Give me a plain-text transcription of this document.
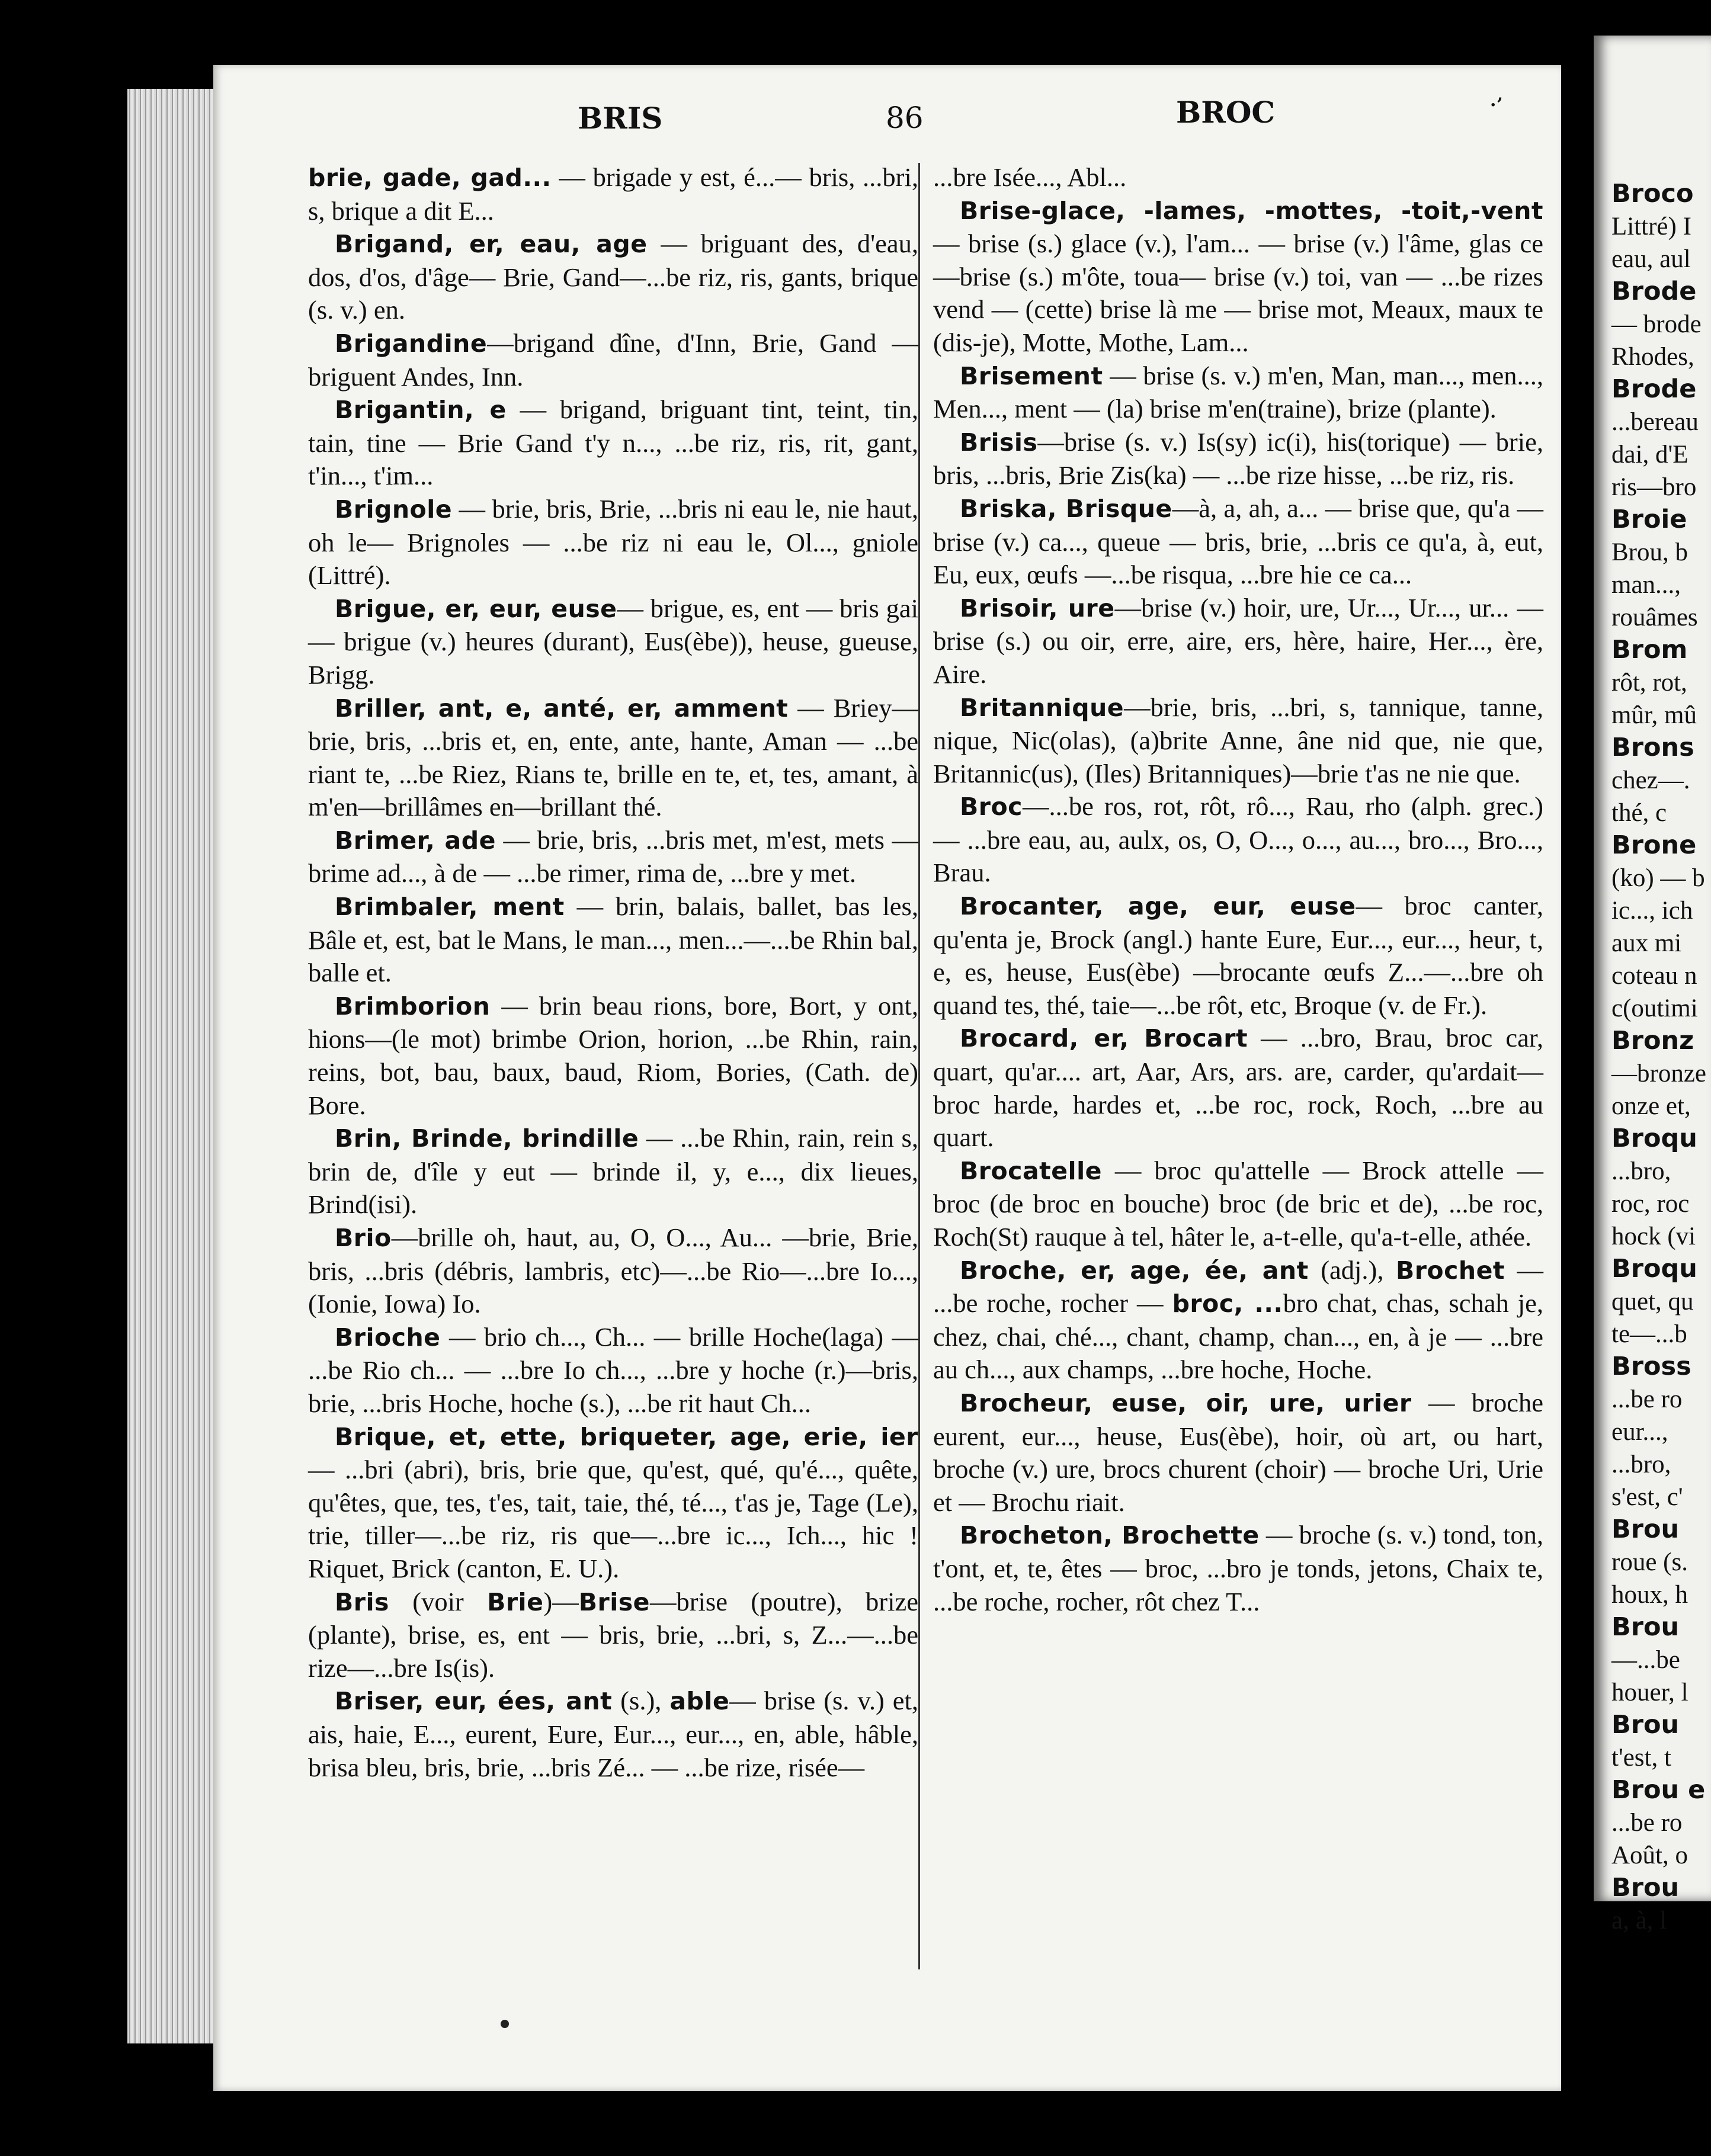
Broco
Littré) I
eau, aul
Brode
— brode
Rhodes,
Brode
...bereau
dai, d'E
ris—bro
Broie
Brou, b
man...,
rouâmes
Brom
rôt, rot,
mûr, mû
Brons
chez—.
thé, c
Brone
(ko) — b
ic..., ich
aux mi
coteau n
c(outimi
Bronz
—bronze
onze et,
Broqu
...bro,
roc, roc
hock (vi
Broqu
quet, qu
te—...b
Bross
...be ro
eur...,
...bro,
s'est, c'
Brou
roue (s.
houx, h
Brou
—...be
houer, l
Brou
t'est, t
Brou e
...be ro
Août, o
Brou
a, à, l
BRIS	86	BROC	·ʼ

brie, gade, gad... — brigade y est, é...— bris, ...bri, s, brique a dit E...

Brigand, er, eau, age — briguant des, d'eau, dos, d'os, d'âge— Brie, Gand—...be riz, ris, gants, brique (s. v.) en.

Brigandine—brigand dîne, d'Inn, Brie, Gand — briguent Andes, Inn.

Brigantin, e — brigand, briguant tint, teint, tin, tain, tine — Brie Gand t'y n..., ...be riz, ris, rit, gant, t'in..., t'im...

Brignole — brie, bris, Brie, ...bris ni eau le, nie haut, oh le— Brignoles — ...be riz ni eau le, Ol..., gniole (Littré).

Brigue, er, eur, euse— brigue, es, ent — bris gai — brigue (v.) heures (durant), Eus(èbe)), heuse, gueuse, Brigg.

Briller, ant, e, anté, er, amment — Briey—brie, bris, ...bris et, en, ente, ante, hante, Aman — ...be riant te, ...be Riez, Rians te, brille en te, et, tes, amant, à m'en—brillâmes en—brillant thé.

Brimer, ade — brie, bris, ...bris met, m'est, mets — brime ad..., à de — ...be rimer, rima de, ...bre y met.

Brimbaler, ment — brin, balais, ballet, bas les, Bâle et, est, bat le Mans, le man..., men...—...be Rhin bal, balle et.

Brimborion — brin beau rions, bore, Bort, y ont, hions—(le mot) brimbe Orion, horion, ...be Rhin, rain, reins, bot, bau, baux, baud, Riom, Bories, (Cath. de) Bore.

Brin, Brinde, brindille — ...be Rhin, rain, rein s, brin de, d'île y eut — brinde il, y, e..., dix lieues, Brind(isi).

Brio—brille oh, haut, au, O, O..., Au... —brie, Brie, bris, ...bris (débris, lambris, etc)—...be Rio—...bre Io...,(Ionie, Iowa) Io.

Brioche — brio ch..., Ch... — brille Hoche(laga) — ...be Rio ch... — ...bre Io ch..., ...bre y hoche (r.)—bris, brie, ...bris Hoche, hoche (s.), ...be rit haut Ch...

Brique, et, ette, briqueter, age, erie, ier — ...bri (abri), bris, brie que, qu'est, qué, qu'é..., quête, qu'êtes, que, tes, t'es, tait, taie, thé, té..., t'as je, Tage (Le), trie, tiller—...be riz, ris que—...bre ic..., Ich..., hic ! Riquet, Brick (canton, E. U.).

Bris (voir Brie)—Brise—brise (poutre), brize (plante), brise, es, ent — bris, brie, ...bri, s, Z...—...be rize—...bre Is(is).

Briser, eur, ées, ant (s.), able— brise (s. v.) et, ais, haie, E..., eurent, Eure, Eur..., eur..., en, able, hâble, brisa bleu, bris, brie, ...bris Zé... — ...be rize, risée—

...bre Isée..., Abl...

Brise-glace, -lames, -mottes, -toit,-vent — brise (s.) glace (v.), l'am... — brise (v.) l'âme, glas ce—brise (s.) m'ôte, toua— brise (v.) toi, van — ...be rizes vend — (cette) brise là me — brise mot, Meaux, maux te (dis-je), Motte, Mothe, Lam...

Brisement — brise (s. v.) m'en, Man, man..., men..., Men..., ment — (la) brise m'en(traine), brize (plante).

Brisis—brise (s. v.) Is(sy) ic(i), his(torique) — brie, bris, ...bris, Brie Zis(ka) — ...be rize hisse, ...be riz, ris.

Briska, Brisque—à, a, ah, a... — brise que, qu'a — brise (v.) ca..., queue — bris, brie, ...bris ce qu'a, à, eut, Eu, eux, œufs —...be risqua, ...bre hie ce ca...

Brisoir, ure—brise (v.) hoir, ure, Ur..., Ur..., ur... — brise (s.) ou oir, erre, aire, ers, hère, haire, Her..., ère, Aire.

Britannique—brie, bris, ...bri, s, tannique, tanne, nique, Nic(olas), (a)brite Anne, âne nid que, nie que, Britannic(us), (Iles) Britanniques)—brie t'as ne nie que.

Broc—...be ros, rot, rôt, rô..., Rau, rho (alph. grec.) — ...bre eau, au, aulx, os, O, O..., o..., au..., bro..., Bro..., Brau.

Brocanter, age, eur, euse— broc canter, qu'enta je, Brock (angl.) hante Eure, Eur..., eur..., heur, t, e, es, heuse, Eus(èbe) —brocante œufs Z...—...bre oh quand tes, thé, taie—...be rôt, etc, Broque (v. de Fr.).

Brocard, er, Brocart — ...bro, Brau, broc car, quart, qu'ar.... art, Aar, Ars, ars. are, carder, qu'ardait— broc harde, hardes et, ...be roc, rock, Roch, ...bre au quart.

Brocatelle — broc qu'attelle — Brock attelle — broc (de broc en bouche) broc (de bric et de), ...be roc, Roch(St) rauque à tel, hâter le, a-t-elle, qu'a-t-elle, athée.

Broche, er, age, ée, ant (adj.), Brochet — ...be roche, rocher — broc, ...bro chat, chas, schah je, chez, chai, ché..., chant, champ, chan..., en, à je — ...bre au ch..., aux champs, ...bre hoche, Hoche.

Brocheur, euse, oir, ure, urier — broche eurent, eur..., heuse, Eus(èbe), hoir, où art, ou hart, broche (v.) ure, brocs churent (choir) — broche Uri, Urie et — Brochu riait.

Brocheton, Brochette — broche (s. v.) tond, ton, t'ont, et, te, êtes — broc, ...bro je tonds, jetons, Chaix te, ...be roche, rocher, rôt chez T...
